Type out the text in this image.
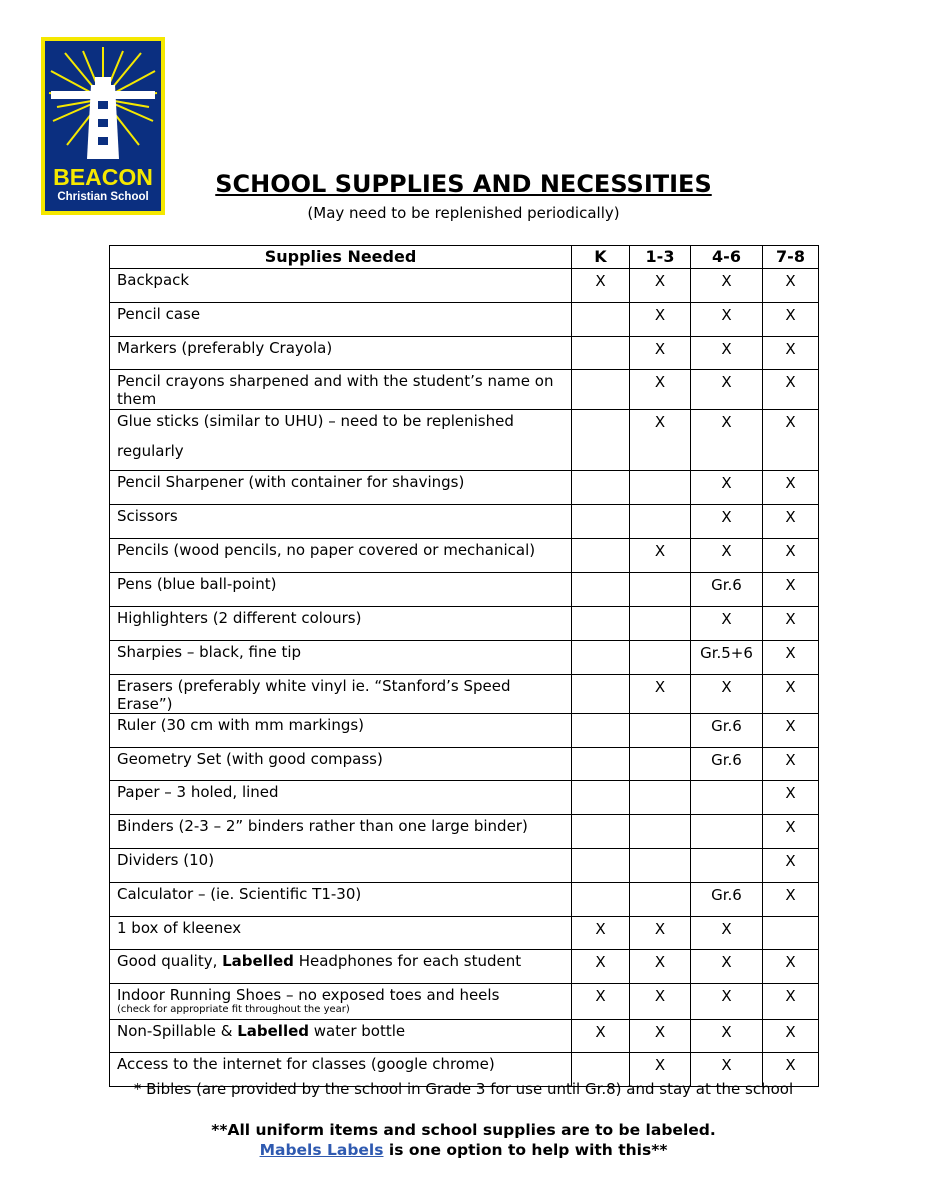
BEACON
Christian School	SCHOOL SUPPLIES AND NECESSITIES
(May need to be replenished periodically)
Supplies Needed	K	1-3	4-6	7-8
Backpack	X	X	X	X
Pencil case		X	X	X
Markers (preferably Crayola)		X	X	X
Pencil crayons sharpened and with the student’s name on them		X	X	X
Glue sticks (similar to UHU) – need to be replenished
regularly		X	X	X
Pencil Sharpener (with container for shavings)			X	X
Scissors			X	X
Pencils (wood pencils, no paper covered or mechanical)		X	X	X
Pens (blue ball-point)			Gr.6	X
Highlighters (2 different colours)			X	X
Sharpies – black, fine tip			Gr.5+6	X
Erasers (preferably white vinyl ie. “Stanford’s Speed Erase”)		X	X	X
Ruler (30 cm with mm markings)			Gr.6	X
Geometry Set (with good compass)			Gr.6	X
Paper – 3 holed, lined				X
Binders (2-3 – 2” binders rather than one large binder)				X
Dividers (10)				X
Calculator – (ie. Scientific T1-30)			Gr.6	X
1 box of kleenex	X	X	X	
Good quality, Labelled Headphones for each student	X	X	X	X
Indoor Running Shoes – no exposed toes and heels
(check for appropriate fit throughout the year)	X	X	X	X
Non-Spillable & Labelled water bottle	X	X	X	X
Access to the internet for classes (google chrome)		X	X	X
* Bibles (are provided by the school in Grade 3 for use until Gr.8) and stay at the school
**All uniform items and school supplies are to be labeled.
Mabels Labels is one option to help with this**
